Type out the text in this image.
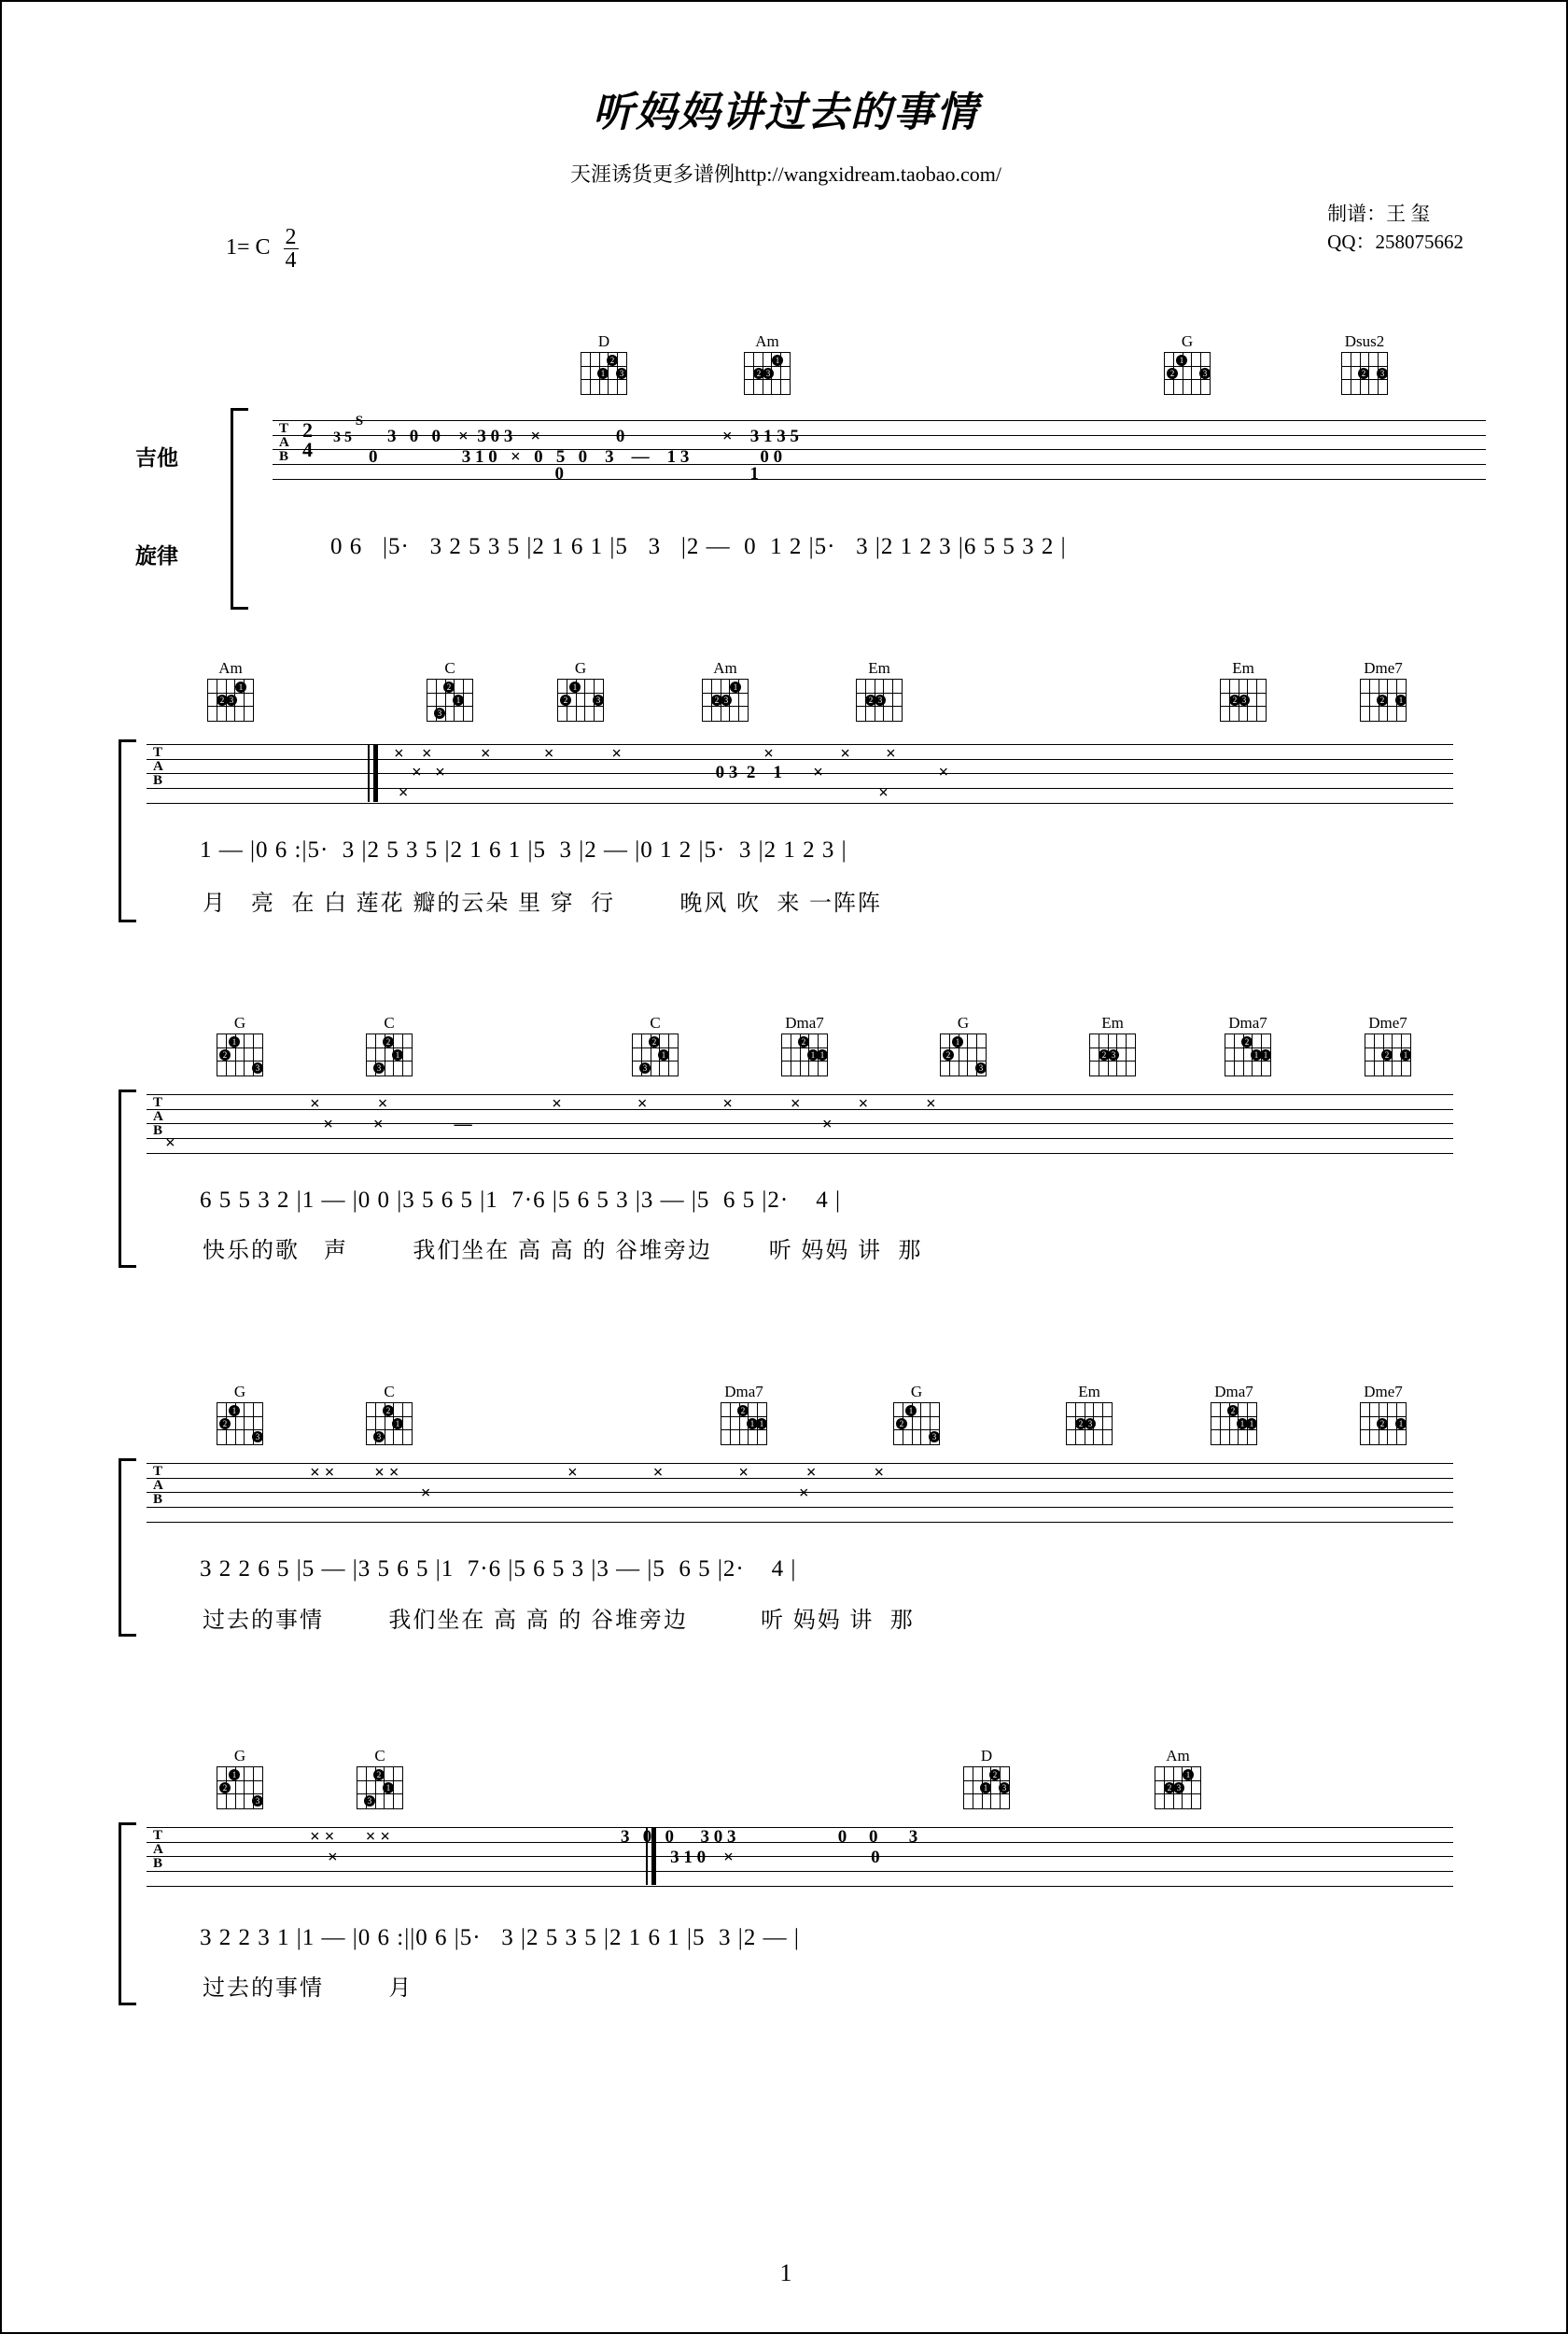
听妈妈讲过去的事情
天涯诱货更多谱例http://wangxidream.taobao.com/
制谱：王 玺
QQ：258075662
1= C $\frac{2}{4}$
吉他
旋律
D
1
2
3
Am
2 3
1
G
2
1
3
Dsus2
2	3
T
A
B
2
4
S
3 5        3   0   0    ×  3 0 3    ×                 0                      ×    3 1 3 5
0                   3 1 0   ×   0   5   0    3    —    1 3                0 0
0                                          1
0 6   |5·   3 2 5 3 5 |2 1 6 1 |5   3   |2 —  0  1 2 |5·   3 |2 1 2 3 |6 5 5 3 2 |
Am
2 3
1
C
2
1
3
G
2
1
3
Am
2 3
1
Em
2 3
Em
2 3
Dme7
2	1
T
A
B
×    ×           ×            ×             ×                                ×               ×        ×
×   ×                                                             0 3  2    1       ×                          ×
×                                                                                                          ×
1 — |0 6 :|5·  3 |2 5 3 5 |2 1 6 1 |5  3 |2 — |0 1 2 |5·  3 |2 1 2 3 |
月   亮  在 白 莲花 瓣的云朵 里 穿  行        晚风 吹  来 一阵阵
G
2
1
3
C
2
1
3
C
2
1
3
Dma7
2
1 1
G
2
1
3
Em
2 3
Dma7
2
1 1
Dme7
2	1
T
A
B
×             ×                                     ×                 ×                 ×             ×             ×             ×
×         ×                —                                                                               ×
×
6 5 5 3 2 |1 — |0 0 |3 5 6 5 |1  7·6 |5 6 5 3 |3 — |5  6 5 |2·    4 |
快乐的歌   声        我们坐在 高 高 的 谷堆旁边       听 妈妈 讲  那
G
2
1
3
C
2
1
3
Dma7
2
1 1
G
2
1
3
Em
2 3
Dma7
2
1 1
Dme7
2	1
T
A
B
× ×         × ×                                      ×                 ×                 ×             ×             ×
×                                                                                   ×
3 2 2 6 5 |5 — |3 5 6 5 |1  7·6 |5 6 5 3 |3 — |5  6 5 |2·    4 |
过去的事情        我们坐在 高 高 的 谷堆旁边         听 妈妈 讲  那
G
2
1
3
C
2
1
3
D
1
2
3
Am
2 3
1
T
A
B
× ×       × ×                                                    3   0   0      3 0 3                       0     0       3
×                                                                           3 1 0    ×                               0
3 2 2 3 1 |1 — |0 6 :||0 6 |5·   3 |2 5 3 5 |2 1 6 1 |5  3 |2 — |
过去的事情        月
1
